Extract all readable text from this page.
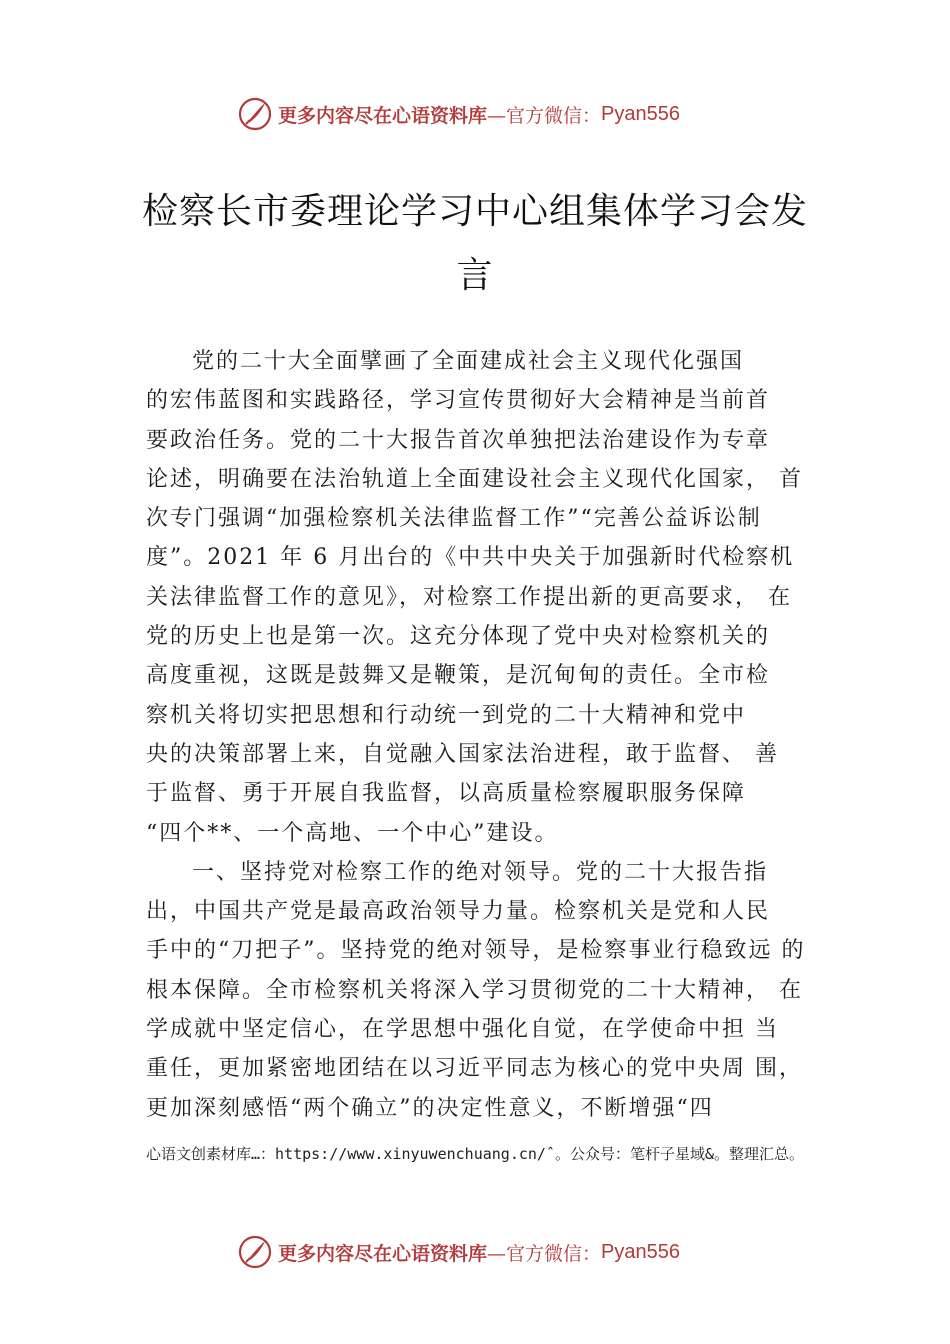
更多内容尽在心语资料库 —官方微信： Pyan556
检察长市委理论学习中心组集体学习会发
言
党的二十大全面擘画了全面建成社会主义现代化强国
的宏伟蓝图和实践路径，学习宣传贯彻好大会精神是当前首
要政治任务。党的二十大报告首次单独把法治建设作为专章
论述，明确要在法治轨道上全面建设社会主义现代化国家， 首
次专门强调“加强检察机关法律监督工作”“完善公益诉讼制
度”。2021 年 6 月出台的《中共中央关于加强新时代检察机
关法律监督工作的意见》，对检察工作提出新的更高要求， 在
党的历史上也是第一次。这充分体现了党中央对检察机关的
高度重视，这既是鼓舞又是鞭策，是沉甸甸的责任。全市检
察机关将切实把思想和行动统一到党的二十大精神和党中
央的决策部署上来，自觉融入国家法治进程，敢于监督、 善
于监督、勇于开展自我监督，以高质量检察履职服务保障
“四个**、一个高地、一个中心”建设。
一、坚持党对检察工作的绝对领导。党的二十大报告指
出，中国共产党是最高政治领导力量。检察机关是党和人民
手中的“刀把子”。坚持党的绝对领导，是检察事业行稳致远 的
根本保障。全市检察机关将深入学习贯彻党的二十大精神， 在
学成就中坚定信心，在学思想中强化自觉，在学使命中担 当
重任，更加紧密地团结在以习近平同志为核心的党中央周 围，
更加深刻感悟“两个确立”的决定性意义，不断增强“四
心语文创素材库…：https://www.xinyuwenchuang.cn/ˆ。公众号：笔杆子星域&。整理汇总。
更多内容尽在心语资料库 —官方微信： Pyan556
